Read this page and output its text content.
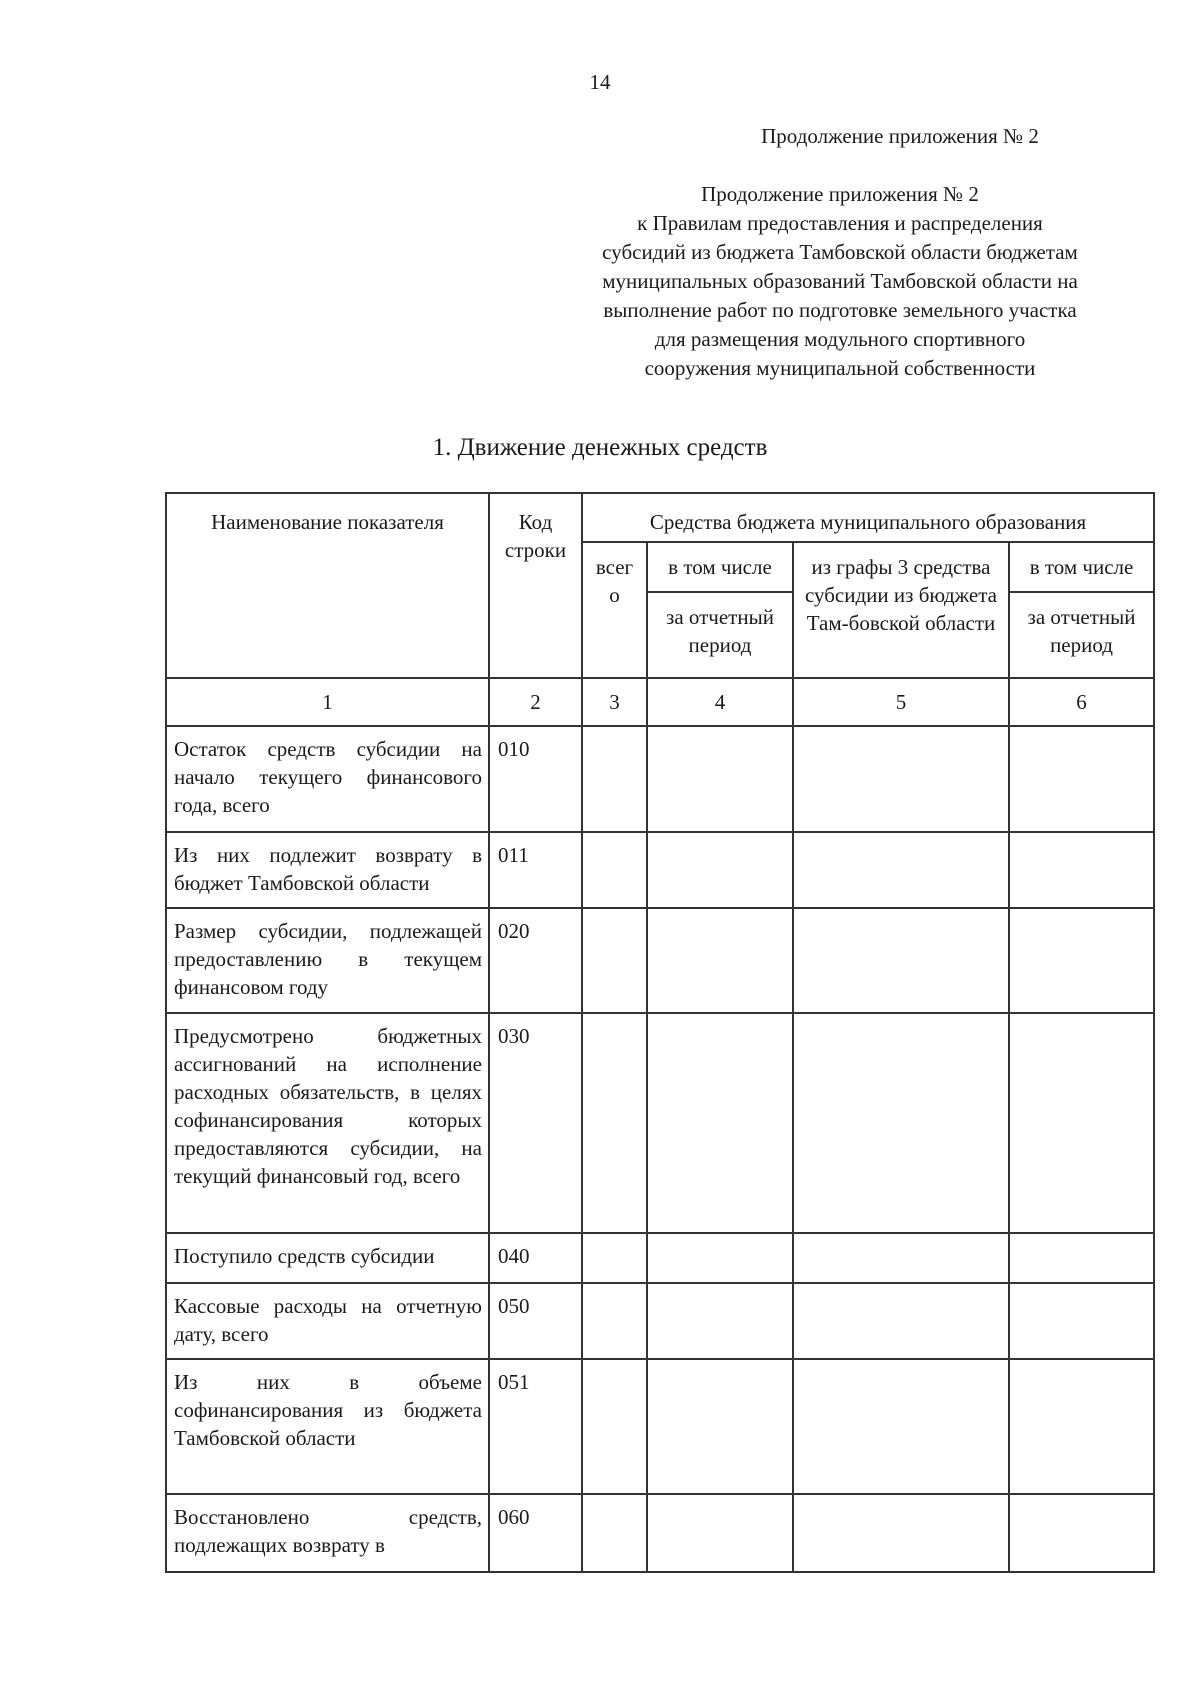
14
Продолжение приложения № 2
Продолжение приложения № 2
к Правилам предоставления и распределения
субсидий из бюджета Тамбовской области бюджетам
муниципальных образований Тамбовской области на
выполнение работ по подготовке земельного участка
для размещения модульного спортивного
сооружения муниципальной собственности
1. Движение денежных средств
Наименование показателя	Код строки	Средства бюджета муниципального образования			
		всег о	в том числе	из графы 3 средства субсидии из бюджета Там-бовской области	в том числе
			за отчетный период		за отчетный период
1	2	3	4	5	6
Остаток средств субсидии на начало текущего финансового года, всего	010				
Из них подлежит возврату в бюджет Тамбовской области	011				
Размер субсидии, подлежащей предоставлению в текущем финансовом году	020				
Предусмотрено бюджетных ассигнований на исполнение расходных обязательств, в целях софинансирования которых предоставляются субсидии, на текущий финансовый год, всего	030				
Поступило средств субсидии	040				
Кассовые расходы на отчетную дату, всего	050				
Из них в объеме софинансирования из бюджета Тамбовской области	051				
Восстановлено средств, подлежащих возврату в	060				
